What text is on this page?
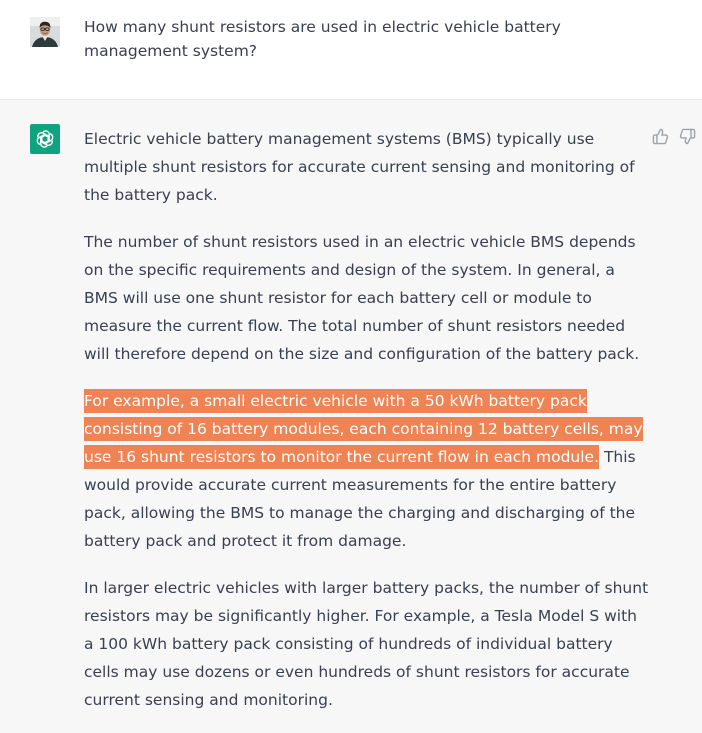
How many shunt resistors are used in electric vehicle battery management system?

Electric vehicle battery management systems (BMS) typically use multiple shunt resistors for accurate current sensing and monitoring of the battery pack.

The number of shunt resistors used in an electric vehicle BMS depends on the specific requirements and design of the system. In general, a BMS will use one shunt resistor for each battery cell or module to measure the current flow. The total number of shunt resistors needed will therefore depend on the size and configuration of the battery pack.

For example, a small electric vehicle with a 50 kWh battery pack consisting of 16 battery modules, each containing 12 battery cells, may use 16 shunt resistors to monitor the current flow in each module. This would provide accurate current measurements for the entire battery pack, allowing the BMS to manage the charging and discharging of the battery pack and protect it from damage.

In larger electric vehicles with larger battery packs, the number of shunt resistors may be significantly higher. For example, a Tesla Model S with a 100 kWh battery pack consisting of hundreds of individual battery cells may use dozens or even hundreds of shunt resistors for accurate current sensing and monitoring.
